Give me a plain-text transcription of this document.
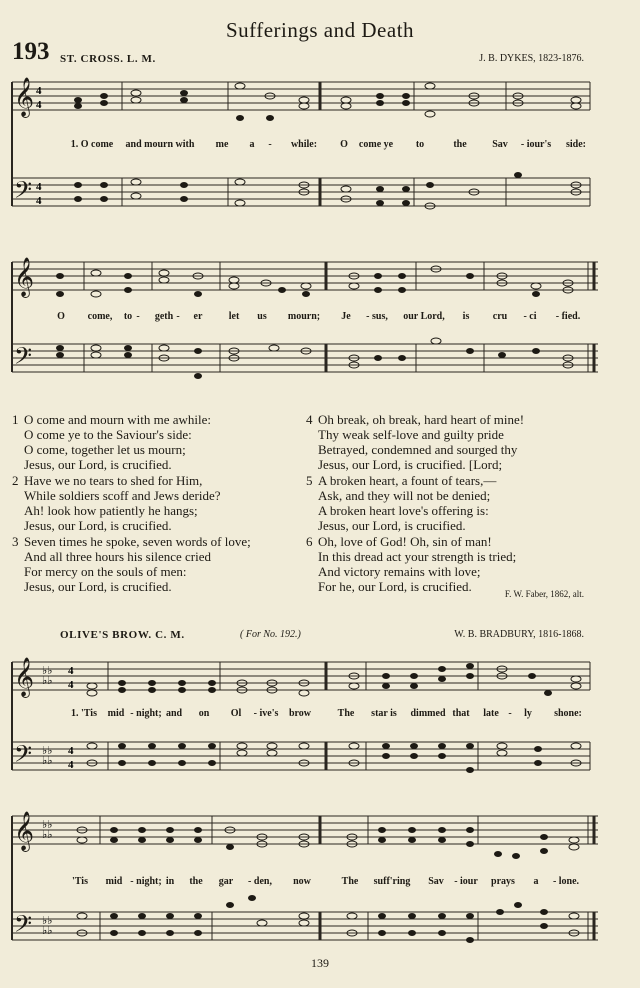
Sufferings and Death
193 ST. CROSS. L. M.	J. B. DYKES, 1823-1876.
𝄞
𝄢
4
4
4
4
1. O come and mourn with me a - while: O come ye to	the	Sav - iour's side:
𝄞
𝄢
O come, to - geth - er	let us mourn; Je - sus, our Lord, is cru - ci - fied.
1 O come and mourn with me awhile:
O come ye to the Saviour's side:
O come, together let us mourn;
Jesus, our Lord, is crucified.
2 Have we no tears to shed for Him,
While soldiers scoff and Jews deride?
Ah! look how patiently he hangs;
Jesus, our Lord, is crucified.
3 Seven times he spoke, seven words of love;
And all three hours his silence cried
For mercy on the souls of men:
Jesus, our Lord, is crucified.
4 Oh break, oh break, hard heart of mine!
Thy weak self-love and guilty pride
Betrayed, condemned and sourged thy
Jesus, our Lord, is crucified. [Lord;
5 A broken heart, a fount of tears,—
Ask, and they will not be denied;
A broken heart love's offering is:
Jesus, our Lord, is crucified.
6 Oh, love of God! Oh, sin of man!
In this dread act your strength is tried;
And victory remains with love;
For he, our Lord, is crucified.	F. W. Faber, 1862, alt.
OLIVE'S BROW. C. M.	( For No. 192.)	W. B. BRADBURY, 1816-1868.
𝄞
𝄢
♭♭
♭♭
4
4
♭♭
♭♭
4
4
1. 'Tis mid - night; and on Ol - ive's brow	The star is dimmed that late - ly shone:
𝄞
𝄢
♭♭
♭♭
♭♭
♭♭
'Tis mid - night; in the gar - den, now	The suff'ring Sav - iour prays a - lone.
139
